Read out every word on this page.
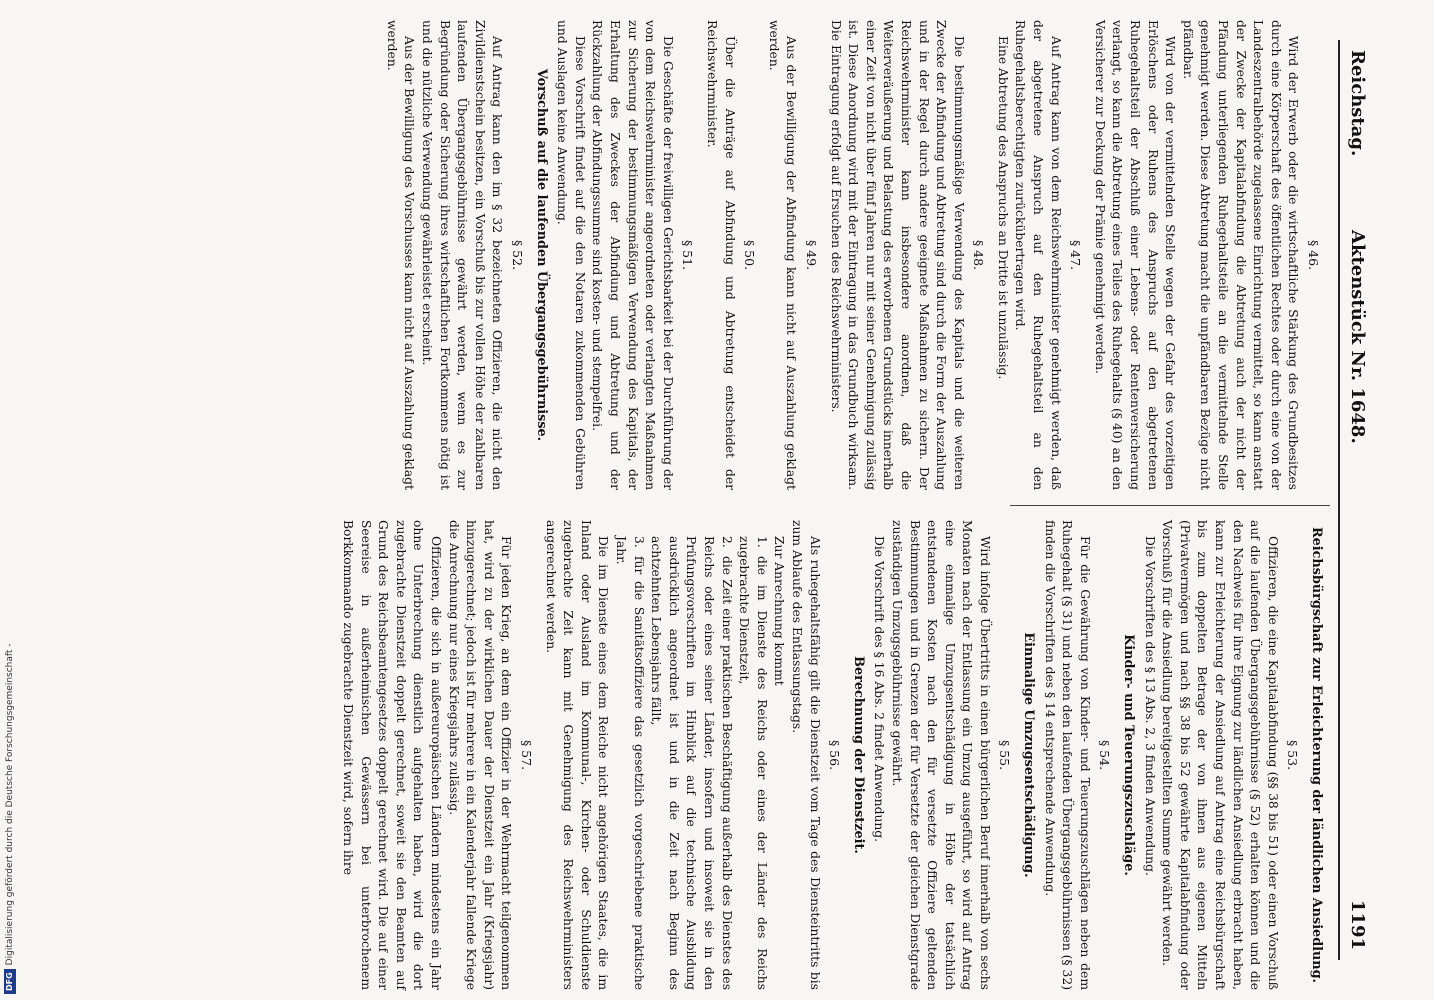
Reichstag.
Aktenstück Nr. 1648.
1191
§ 46.

Wird der Erwerb oder die wirtschaftliche Stärkung des Grundbesitzes durch eine Körperschaft des öffentlichen Rechtes oder durch eine von der Landeszentralbehörde zugelassene Einrichtung vermittelt, so kann anstatt der Zwecke der Kapitalabfindung die Abtretung auch der nicht der Pfändung unterliegenden Ruhegehaltsteile an die vermittelnde Stelle genehmigt werden. Diese Abtretung macht die unpfändbaren Bezüge nicht pfändbar.

Wird von der vermittelnden Stelle wegen der Gefahr des vorzeitigen Erlöschens oder Ruhens des Anspruchs auf den abgetretenen Ruhegehaltsteil der Abschluß einer Lebens- oder Rentenversicherung verlangt, so kann die Abtretung eines Teiles des Ruhegehalts (§ 40) an den Versicherer zur Deckung der Prämie genehmigt werden.

§ 47.

Auf Antrag kann von dem Reichswehrminister genehmigt werden, daß der abgetretene Anspruch auf den Ruhegehaltsteil an den Ruhegehaltsberechtigten zurückübertragen wird.

Eine Abtretung des Anspruchs an Dritte ist unzulässig.

§ 48.

Die bestimmungsmäßige Verwendung des Kapitals und die weiteren Zwecke der Abfindung und Abtretung sind durch die Form der Auszahlung und in der Regel durch andere geeignete Maßnahmen zu sichern. Der Reichswehrminister kann insbesondere anordnen, daß die Weiterveräußerung und Belastung des erworbenen Grundstücks innerhalb einer Zeit von nicht über fünf Jahren nur mit seiner Genehmigung zulässig ist. Diese Anordnung wird mit der Eintragung in das Grundbuch wirksam. Die Eintragung erfolgt auf Ersuchen des Reichswehrministers.

§ 49.

Aus der Bewilligung der Abfindung kann nicht auf Auszahlung geklagt werden.

§ 50.

Über die Anträge auf Abfindung und Abtretung entscheidet der Reichswehrminister.

§ 51.

Die Geschäfte der freiwilligen Gerichtsbarkeit bei der Durchführung der von dem Reichswehrminister angeordneten oder verlangten Maßnahmen zur Sicherung der bestimmungsmäßigen Verwendung des Kapitals, der Erhaltung des Zweckes der Abfindung und Abtretung und der Rückzahlung der Abfindungssumme sind kosten- und stempelfrei.

Diese Vorschrift findet auf die den Notaren zukommenden Gebühren und Auslagen keine Anwendung.

Vorschuß auf die laufenden Übergangsgebührnisse.
§ 52.

Auf Antrag kann den im § 32 bezeichneten Offizieren, die nicht den Zivildienstschein besitzen, ein Vorschuß bis zur vollen Höhe der zahlbaren laufenden Übergangsgebührnisse gewährt werden, wenn es zur Begründung oder Sicherung ihres wirtschaftlichen Fortkommens nötig ist und die nützliche Verwendung gewährleistet erscheint.

Aus der Bewilligung des Vorschusses kann nicht auf Auszahlung geklagt werden.

Reichsbürgschaft zur Erleichterung der ländlichen Ansiedlung.
§ 53.

Offizieren, die eine Kapitalabfindung (§§ 38 bis 51) oder einen Vorschuß auf die laufenden Übergangsgebührnisse (§ 52) erhalten können und die den Nachweis für ihre Eignung zur ländlichen Ansiedlung erbracht haben, kann zur Erleichterung der Ansiedlung auf Antrag eine Reichsbürgschaft bis zum doppelten Betrage der von ihnen aus eigenen Mitteln (Privatvermögen und nach §§ 38 bis 52 gewährte Kapitalabfindung oder Vorschuß) für die Ansiedlung bereitgestellten Summe gewährt werden.

Die Vorschriften des § 13 Abs. 2, 3 finden Anwendung.

Kinder- und Teuerungszuschläge.
§ 54.

Für die Gewährung von Kinder- und Teuerungszuschlägen neben dem Ruhegehalt (§ 31) und neben den laufenden Übergangsgebührnissen (§ 32) finden die Vorschriften des § 14 entsprechende Anwendung.

Einmalige Umzugsentschädigung.
§ 55.

Wird infolge Übertritts in einen bürgerlichen Beruf innerhalb von sechs Monaten nach der Entlassung ein Umzug ausgeführt, so wird auf Antrag eine einmalige Umzugsentschädigung in Höhe der tatsächlich entstandenen Kosten nach den für versetzte Offiziere geltenden Bestimmungen und in Grenzen der für Versetzte der gleichen Dienstgrade zuständigen Umzugsgebührnisse gewährt.

Die Vorschrift des § 16 Abs. 2 findet Anwendung.

Berechnung der Dienstzeit.
§ 56.

Als ruhegehaltsfähig gilt die Dienstzeit vom Tage des Diensteintritts bis zum Ablaufe des Entlassungstags.

Zur Anrechnung kommt

1.die im Dienste des Reichs oder eines der Länder des Reichs zugebrachte Dienstzeit,

2.die Zeit einer praktischen Beschäftigung außerhalb des Dienstes des Reichs oder eines seiner Länder, insofern und insoweit sie in den Prüfungsvorschriften im Hinblick auf die technische Ausbildung ausdrücklich angeordnet ist und in die Zeit nach Beginn des achtzehnten Lebensjahrs fällt,

3.für die Sanitätsoffiziere das gesetzlich vorgeschriebene praktische Jahr.

Die im Dienste eines dem Reiche nicht angehörigen Staates, die im Inland oder Ausland im Kommunal-, Kirchen- oder Schuldienste zugebrachte Zeit kann mit Genehmigung des Reichswehrministers angerechnet werden.

§ 57.

Für jeden Krieg, an dem ein Offizier in der Wehrmacht teilgenommen hat, wird zu der wirklichen Dauer der Dienstzeit ein Jahr (Kriegsjahr) hinzugerechnet; jedoch ist für mehrere in ein Kalenderjahr fallende Kriege die Anrechnung nur eines Kriegsjahrs zulässig.

Offizieren, die sich in außereuropäischen Ländern mindestens ein Jahr ohne Unterbrechung dienstlich aufgehalten haben, wird die dort zugebrachte Dienstzeit doppelt gerechnet, soweit sie den Beamten auf Grund des Reichsbeamtengesetzes doppelt gerechnet wird. Die auf einer Seereise in außerheimischen Gewässern bei unterbrochenem Borkkommando zugebrachte Dienstzeit wird, sofern ihre

DFG
Digitalisierung gefördert durch die Deutsche Forschungsgemeinschaft -
